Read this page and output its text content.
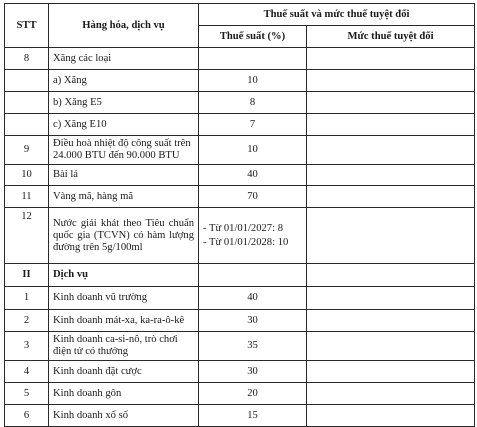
STT	Hàng hóa, dịch vụ	Thuế suất và mức thuế tuyệt đối	
		Thuế suất (%)	Mức thuế tuyệt đối
8	Xăng các loại		
	a) Xăng	10	
	b) Xăng E5	8	
	c) Xăng E10	7	
9	Điều hoà nhiệt độ công suất trên 24.000 BTU đến 90.000 BTU	10	
10	Bài lá	40	
11	Vàng mã, hàng mã	70	
12	Nước giải khát theo Tiêu chuẩn quốc gia (TCVN) có hàm lượng đường trên 5g/100ml	- Từ 01/01/2027: 8
- Từ 01/01/2028: 10	

II	Dịch vụ		
1	Kinh doanh vũ trường	40	
2	Kinh doanh mát-xa, ka-ra-ô-kê	30	
3	Kinh doanh ca-si-nô, trò chơi điện tử có thưởng	35	
4	Kinh doanh đặt cược	30	
5	Kinh doanh gôn	20	
6	Kinh doanh xổ số	15	
